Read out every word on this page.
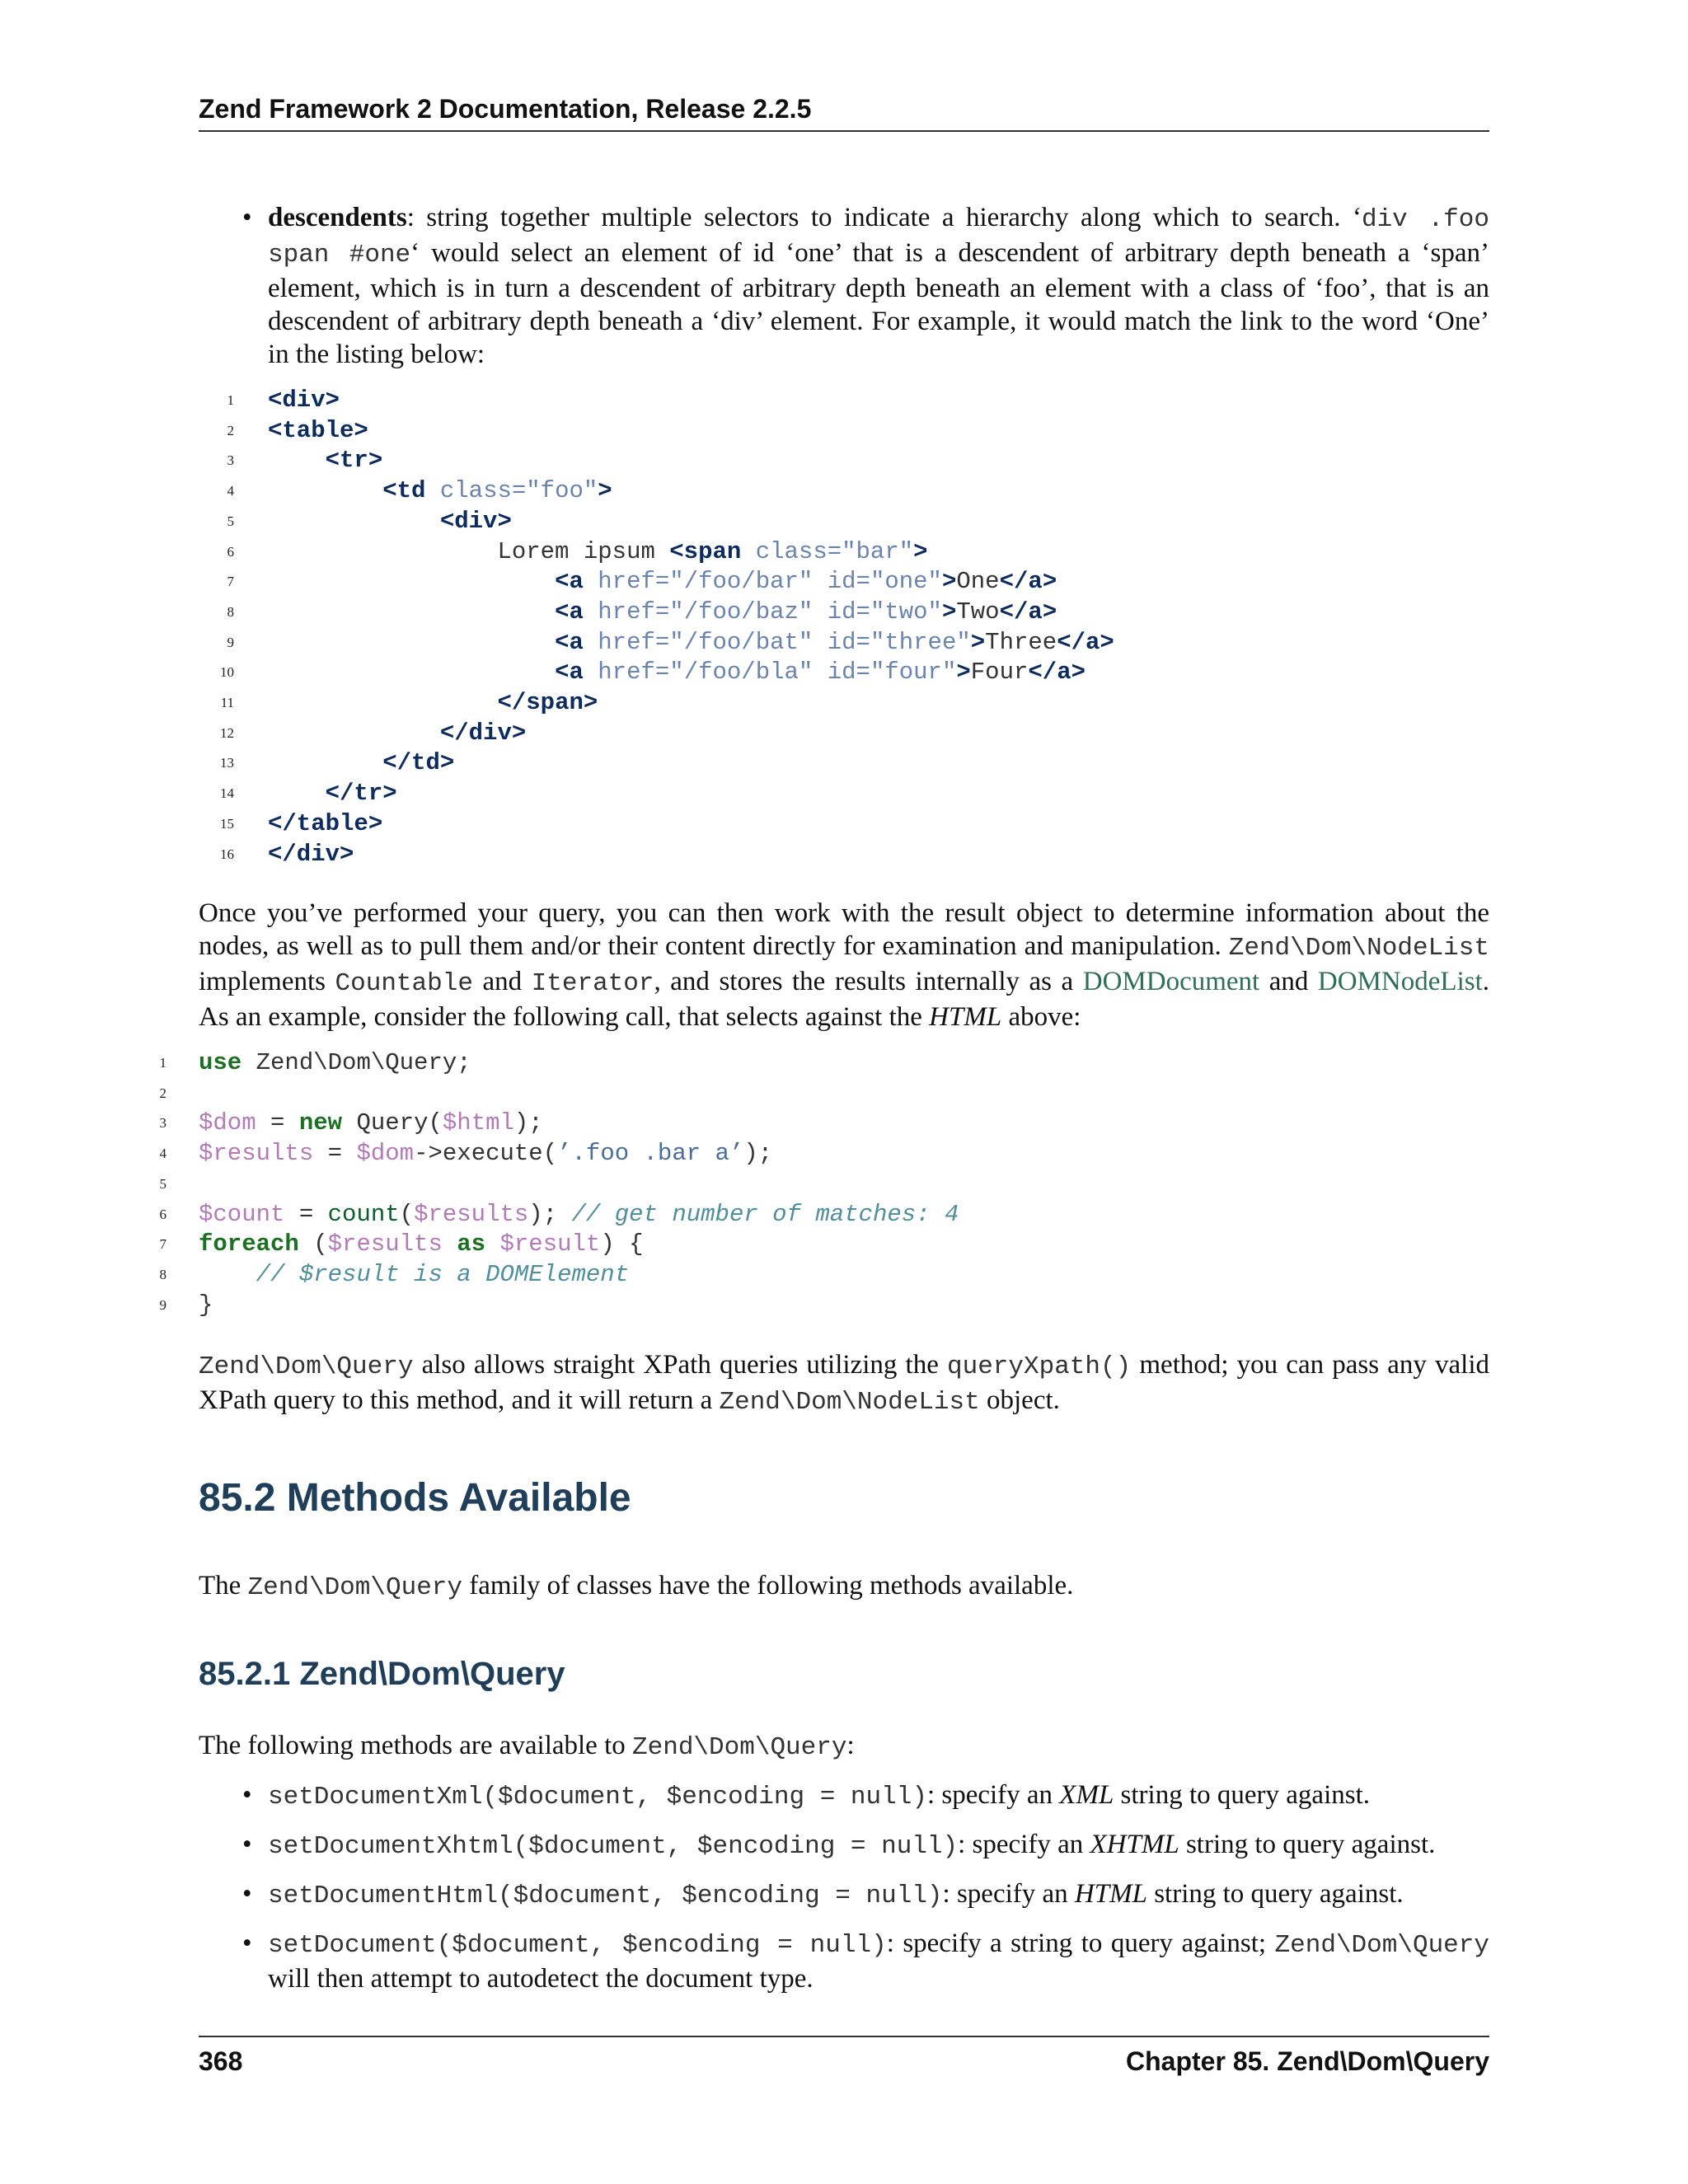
Zend Framework 2 Documentation, Release 2.2.5
• descendents: string together multiple selectors to indicate a hierarchy along which to search. ‘div .foo span #one‘ would select an element of id ‘one’ that is a descendent of arbitrary depth beneath a ‘span’ element, which is in turn a descendent of arbitrary depth beneath an element with a class of ‘foo’, that is an descendent of arbitrary depth beneath a ‘div’ element. For example, it would match the link to the word ‘One’ in the listing below:
1
2
3
4
5
6
7
8
9
10
11
12
13
14
15
16
<div>
<table>
<tr>
<td class="foo">
<div>
Lorem ipsum <span class="bar">
<a href="/foo/bar" id="one">One</a>
<a href="/foo/baz" id="two">Two</a>
<a href="/foo/bat" id="three">Three</a>
<a href="/foo/bla" id="four">Four</a>
</span>
</div>
</td>
</tr>
</table>
</div>
Once you’ve performed your query, you can then work with the result object to determine information about the nodes, as well as to pull them and/or their content directly for examination and manipulation. Zend\Dom\NodeList implements Countable and Iterator, and stores the results internally as a DOMDocument and DOMNodeList. As an example, consider the following call, that selects against the HTML above:
1
2
3
4
5
6
7
8
9
use Zend\Dom\Query;
$dom = new Query($html);
$results = $dom->execute(’.foo .bar a’);
$count = count($results); // get number of matches: 4
foreach ($results as $result) {
// $result is a DOMElement
}
Zend\Dom\Query also allows straight XPath queries utilizing the queryXpath() method; you can pass any valid XPath query to this method, and it will return a Zend\Dom\NodeList object.
85.2 Methods Available
The Zend\Dom\Query family of classes have the following methods available.
85.2.1 Zend\Dom\Query
The following methods are available to Zend\Dom\Query:
• setDocumentXml($document, $encoding = null): specify an XML string to query against.
• setDocumentXhtml($document, $encoding = null): specify an XHTML string to query against.
• setDocumentHtml($document, $encoding = null): specify an HTML string to query against.
• setDocument($document, $encoding = null): specify a string to query against; Zend\Dom\Query will then attempt to autodetect the document type.
368	Chapter 85. Zend\Dom\Query
